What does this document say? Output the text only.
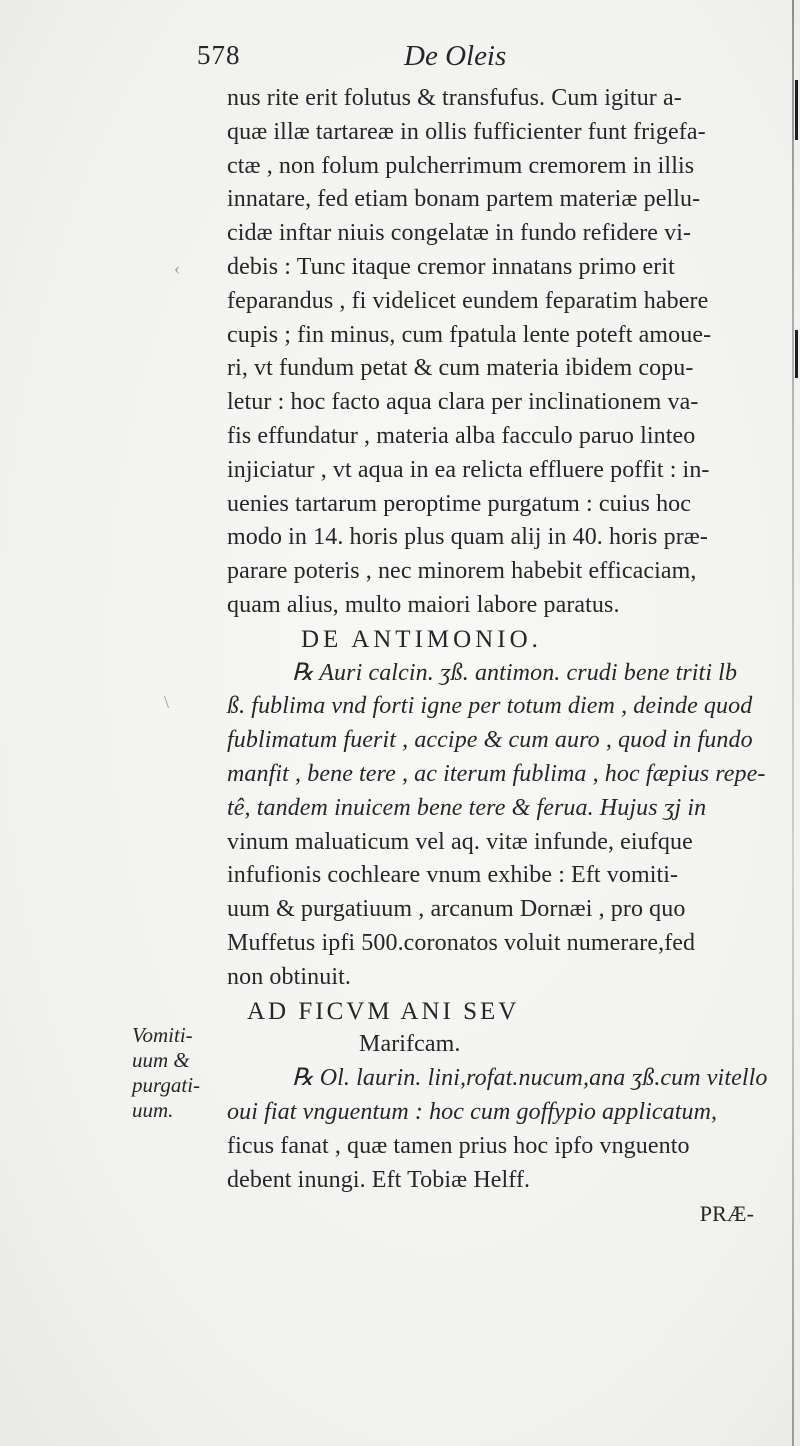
‹
\
578	De Oleis
Vomiti-
uum &
purgati-
uum.
nus rite erit folutus & transfufus. Cum igitur a-
quæ illæ tartareæ in ollis fufficienter funt frigefa-
ctæ , non folum pulcherrimum cremorem in illis
innatare, fed etiam bonam partem materiæ pellu-
cidæ inftar niuis congelatæ in fundo refidere vi-
debis : Tunc itaque cremor innatans primo erit
feparandus , fi videlicet eundem feparatim habere
cupis ; fin minus, cum fpatula lente poteft amoue-
ri, vt fundum petat & cum materia ibidem copu-
letur : hoc facto aqua clara per inclinationem va-
fis effundatur , materia alba facculo paruo linteo
injiciatur , vt aqua in ea relicta effluere poffit : in-
uenies tartarum peroptime purgatum : cuius hoc
modo in 14. horis plus quam alij in 40. horis præ-
parare poteris , nec minorem habebit efficaciam,
quam alius, multo maiori labore paratus.
DE ANTIMONIO.
℞ Auri calcin. ʒß. antimon. crudi bene triti lb
ß. fublima vnd forti igne per totum diem , deinde quod
fublimatum fuerit , accipe & cum auro , quod in fundo
manfit , bene tere , ac iterum fublima , hoc fæpius repe-
tê, tandem inuicem bene tere & ferua. Hujus ʒj in
vinum maluaticum vel aq. vitæ infunde, eiufque
infufionis cochleare vnum exhibe : Eft vomiti-
uum & purgatiuum , arcanum Dornæi , pro quo
Muffetus ipfi 500.coronatos voluit numerare,fed
non obtinuit.
AD FICVM ANI SEV
Marifcam.
℞ Ol. laurin. lini,rofat.nucum,ana ʒß.cum vitello
oui fiat vnguentum : hoc cum goffypio applicatum,
ficus fanat , quæ tamen prius hoc ipfo vnguento
debent inungi. Eft Tobiæ Helff.
PRÆ-
